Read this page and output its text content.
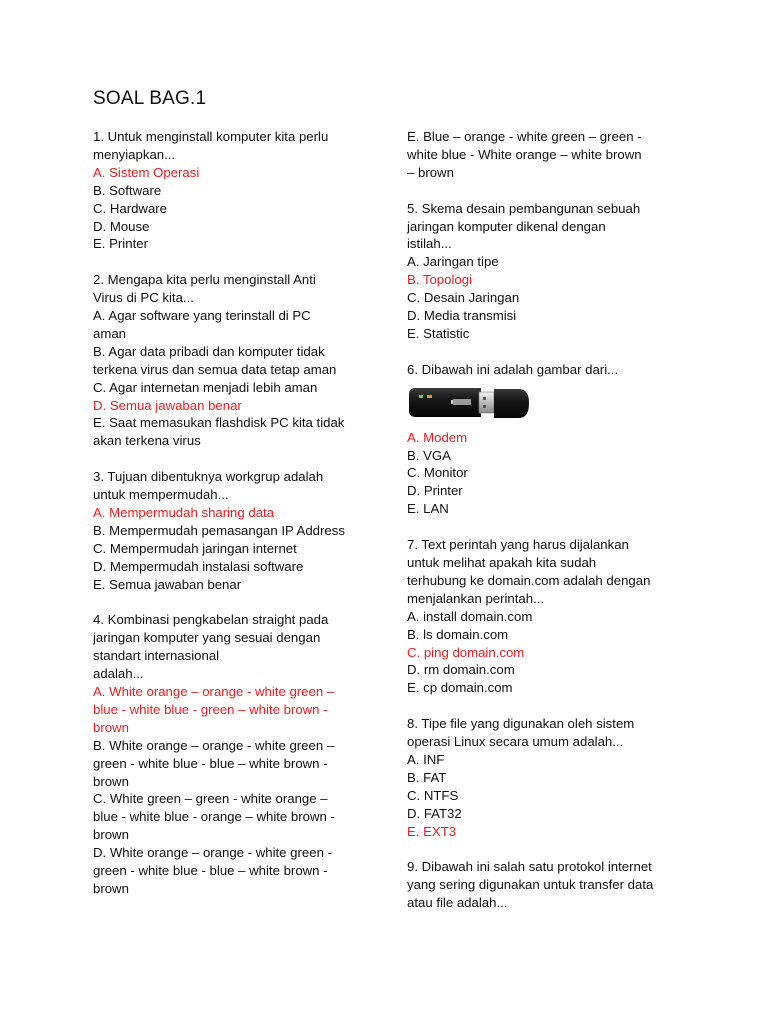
SOAL BAG.1
1. Untuk menginstall komputer kita perlu
menyiapkan...
A. Sistem Operasi
B. Software
C. Hardware
D. Mouse
E. Printer
2. Mengapa kita perlu menginstall Anti
Virus di PC kita...
A. Agar software yang terinstall di PC
aman
B. Agar data pribadi dan komputer tidak
terkena virus dan semua data tetap aman
C. Agar internetan menjadi lebih aman
D. Semua jawaban benar
E. Saat memasukan flashdisk PC kita tidak
akan terkena virus
3. Tujuan dibentuknya workgrup adalah
untuk mempermudah...
A. Mempermudah sharing data
B. Mempermudah pemasangan IP Address
C. Mempermudah jaringan internet
D. Mempermudah instalasi software
E. Semua jawaban benar
4. Kombinasi pengkabelan straight pada
jaringan komputer yang sesuai dengan
standart internasional
adalah...
A. White orange – orange - white green –
blue - white blue - green – white brown -
brown
B. White orange – orange - white green –
green - white blue - blue – white brown -
brown
C. White green – green - white orange –
blue - white blue - orange – white brown -
brown
D. White orange – orange - white green -
green - white blue - blue – white brown -
brown
E. Blue – orange - white green – green -
white blue - White orange – white brown
– brown
5. Skema desain pembangunan sebuah
jaringan komputer dikenal dengan
istilah...
A. Jaringan tipe
B. Topologi
C. Desain Jaringan
D. Media transmisi
E. Statistic
6. Dibawah ini adalah gambar dari...
A. Modem
B. VGA
C. Monitor
D. Printer
E. LAN
7. Text perintah yang harus dijalankan
untuk melihat apakah kita sudah
terhubung ke domain.com adalah dengan
menjalankan perintah...
A. install domain.com
B. ls domain.com
C. ping domain.com
D. rm domain.com
E. cp domain.com
8. Tipe file yang digunakan oleh sistem
operasi Linux secara umum adalah...
A. INF
B. FAT
C. NTFS
D. FAT32
E. EXT3
9. Dibawah ini salah satu protokol internet
yang sering digunakan untuk transfer data
atau file adalah...
